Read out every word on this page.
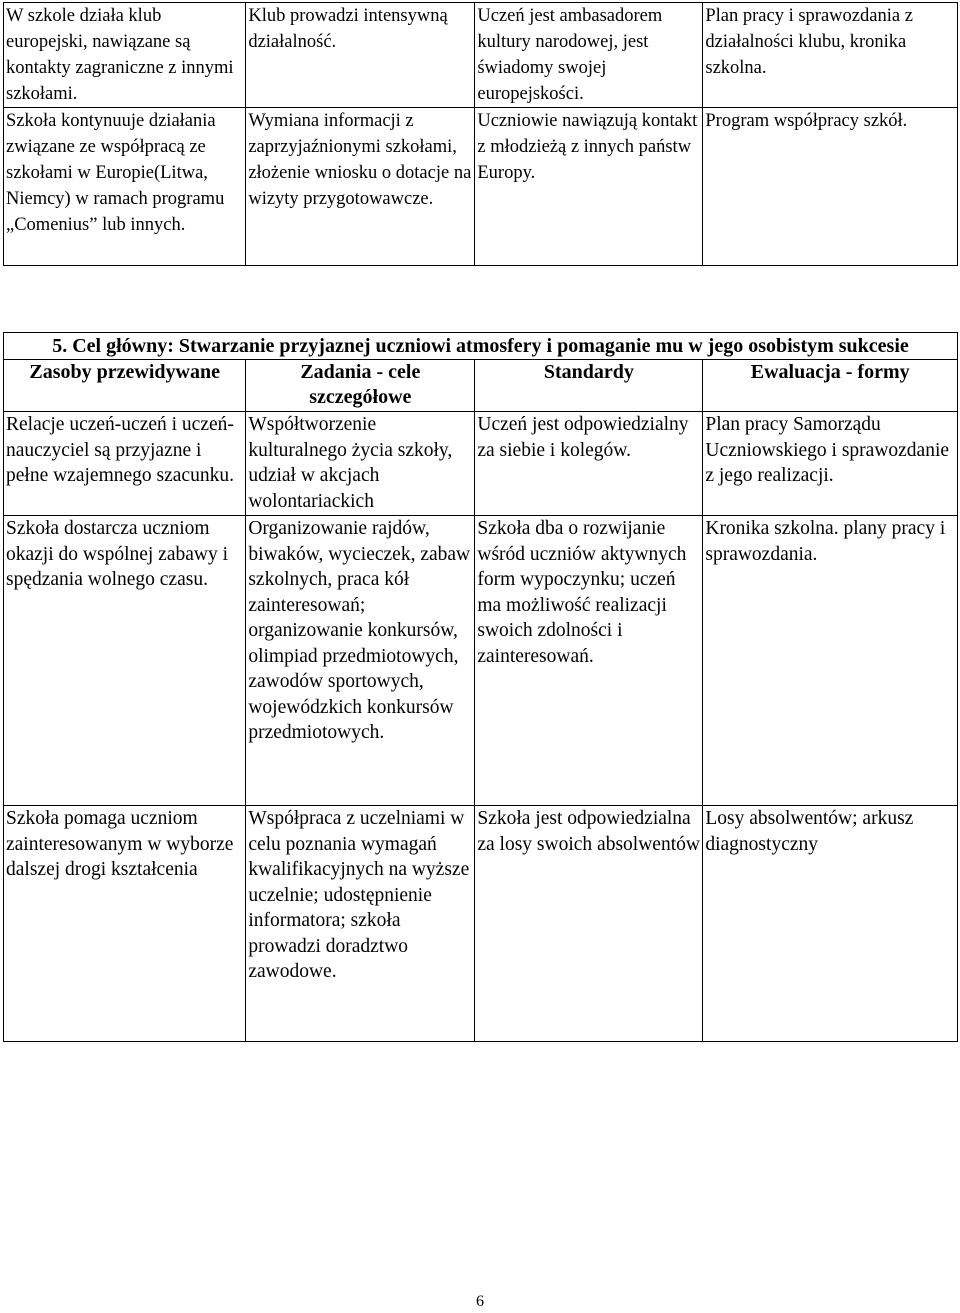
W szkole działa klub europejski, nawiązane są kontakty zagraniczne z innymi szkołami.	Klub prowadzi intensywną działalność.	Uczeń jest ambasadorem kultury narodowej, jest świadomy swojej europejskości.	Plan pracy i sprawozdania z działalności klubu, kronika szkolna.
Szkoła kontynuuje działania związane ze współpracą ze szkołami w Europie(Litwa, Niemcy) w ramach programu „Comenius” lub innych.	Wymiana informacji z zaprzyjaźnionymi szkołami, złożenie wniosku o dotacje na wizyty przygotowawcze.	Uczniowie nawiązują kontakt z młodzieżą z innych państw Europy.	Program współpracy szkół.
5. Cel główny: Stwarzanie przyjaznej uczniowi atmosfery i pomaganie mu w jego osobistym sukcesie			
Zasoby przewidywane	Zadania - cele szczegółowe	Standardy	Ewaluacja - formy
Relacje uczeń-uczeń i uczeń-nauczyciel są przyjazne i pełne wzajemnego szacunku.	Współtworzenie kulturalnego życia szkoły, udział w akcjach wolontariackich	Uczeń jest odpowiedzialny za siebie i kolegów.	Plan pracy Samorządu Uczniowskiego i sprawozdanie z jego realizacji.
Szkoła dostarcza uczniom okazji do wspólnej zabawy i spędzania wolnego czasu.	Organizowanie rajdów, biwaków, wycieczek, zabaw szkolnych, praca kół zainteresowań; organizowanie konkursów, olimpiad przedmiotowych, zawodów sportowych, wojewódzkich konkursów przedmiotowych.	Szkoła dba o rozwijanie wśród uczniów aktywnych form wypoczynku; uczeń ma możliwość realizacji swoich zdolności i zainteresowań.	Kronika szkolna. plany pracy i sprawozdania.
Szkoła pomaga uczniom zainteresowanym w wyborze dalszej drogi kształcenia	Współpraca z uczelniami w celu poznania wymagań kwalifikacyjnych na wyższe uczelnie; udostępnienie informatora; szkoła prowadzi doradztwo zawodowe.	Szkoła jest odpowiedzialna za losy swoich absolwentów	Losy absolwentów; arkusz diagnostyczny
6
